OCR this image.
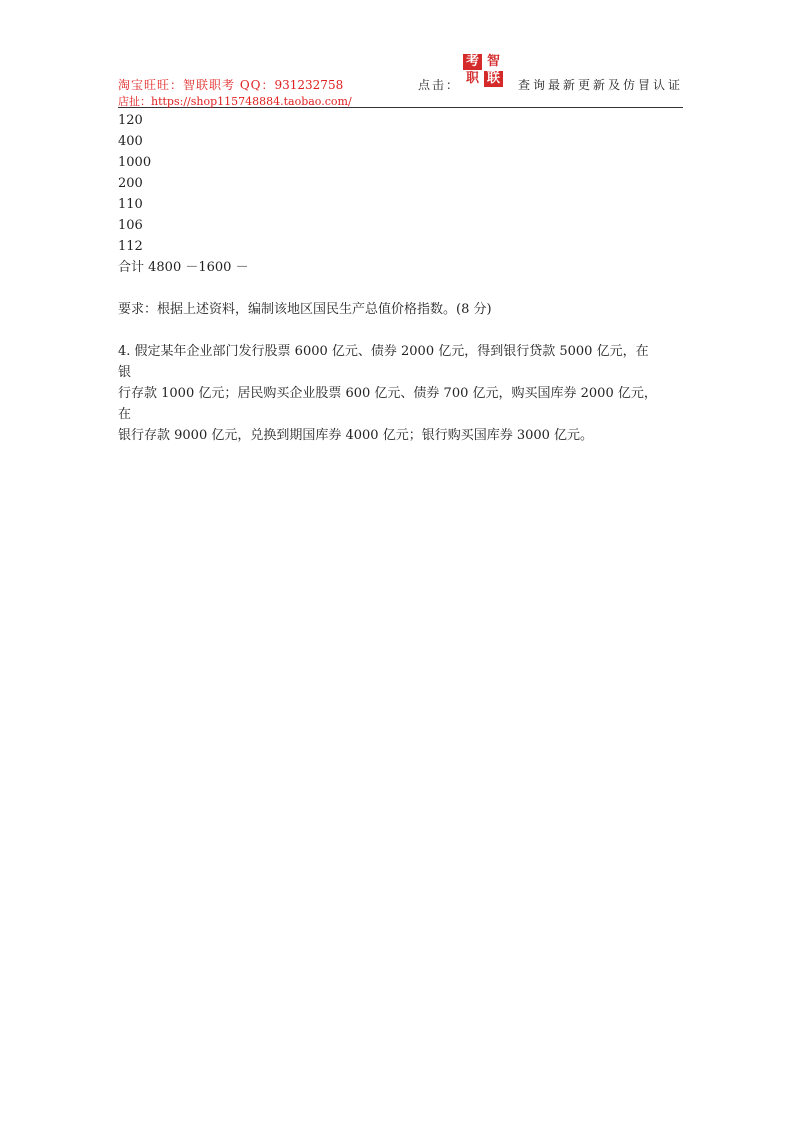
淘宝旺旺：智联职考 QQ：931232758
店扯：https://shop115748884.taobao.com/
点击：
考 智
职 联 查询最新更新及仿冒认证
120
400
1000
200
110
106
112
合计 4800 －1600 －
要求：根据上述资料，编制该地区国民生产总值价格指数。(8 分)
4. 假定某年企业部门发行股票 6000 亿元、债券 2000 亿元，得到银行贷款 5000 亿元，在
银
行存款 1000 亿元；居民购买企业股票 600 亿元、债券 700 亿元，购买国库券 2000 亿元，
在
银行存款 9000 亿元，兑换到期国库券 4000 亿元；银行购买国库券 3000 亿元。
